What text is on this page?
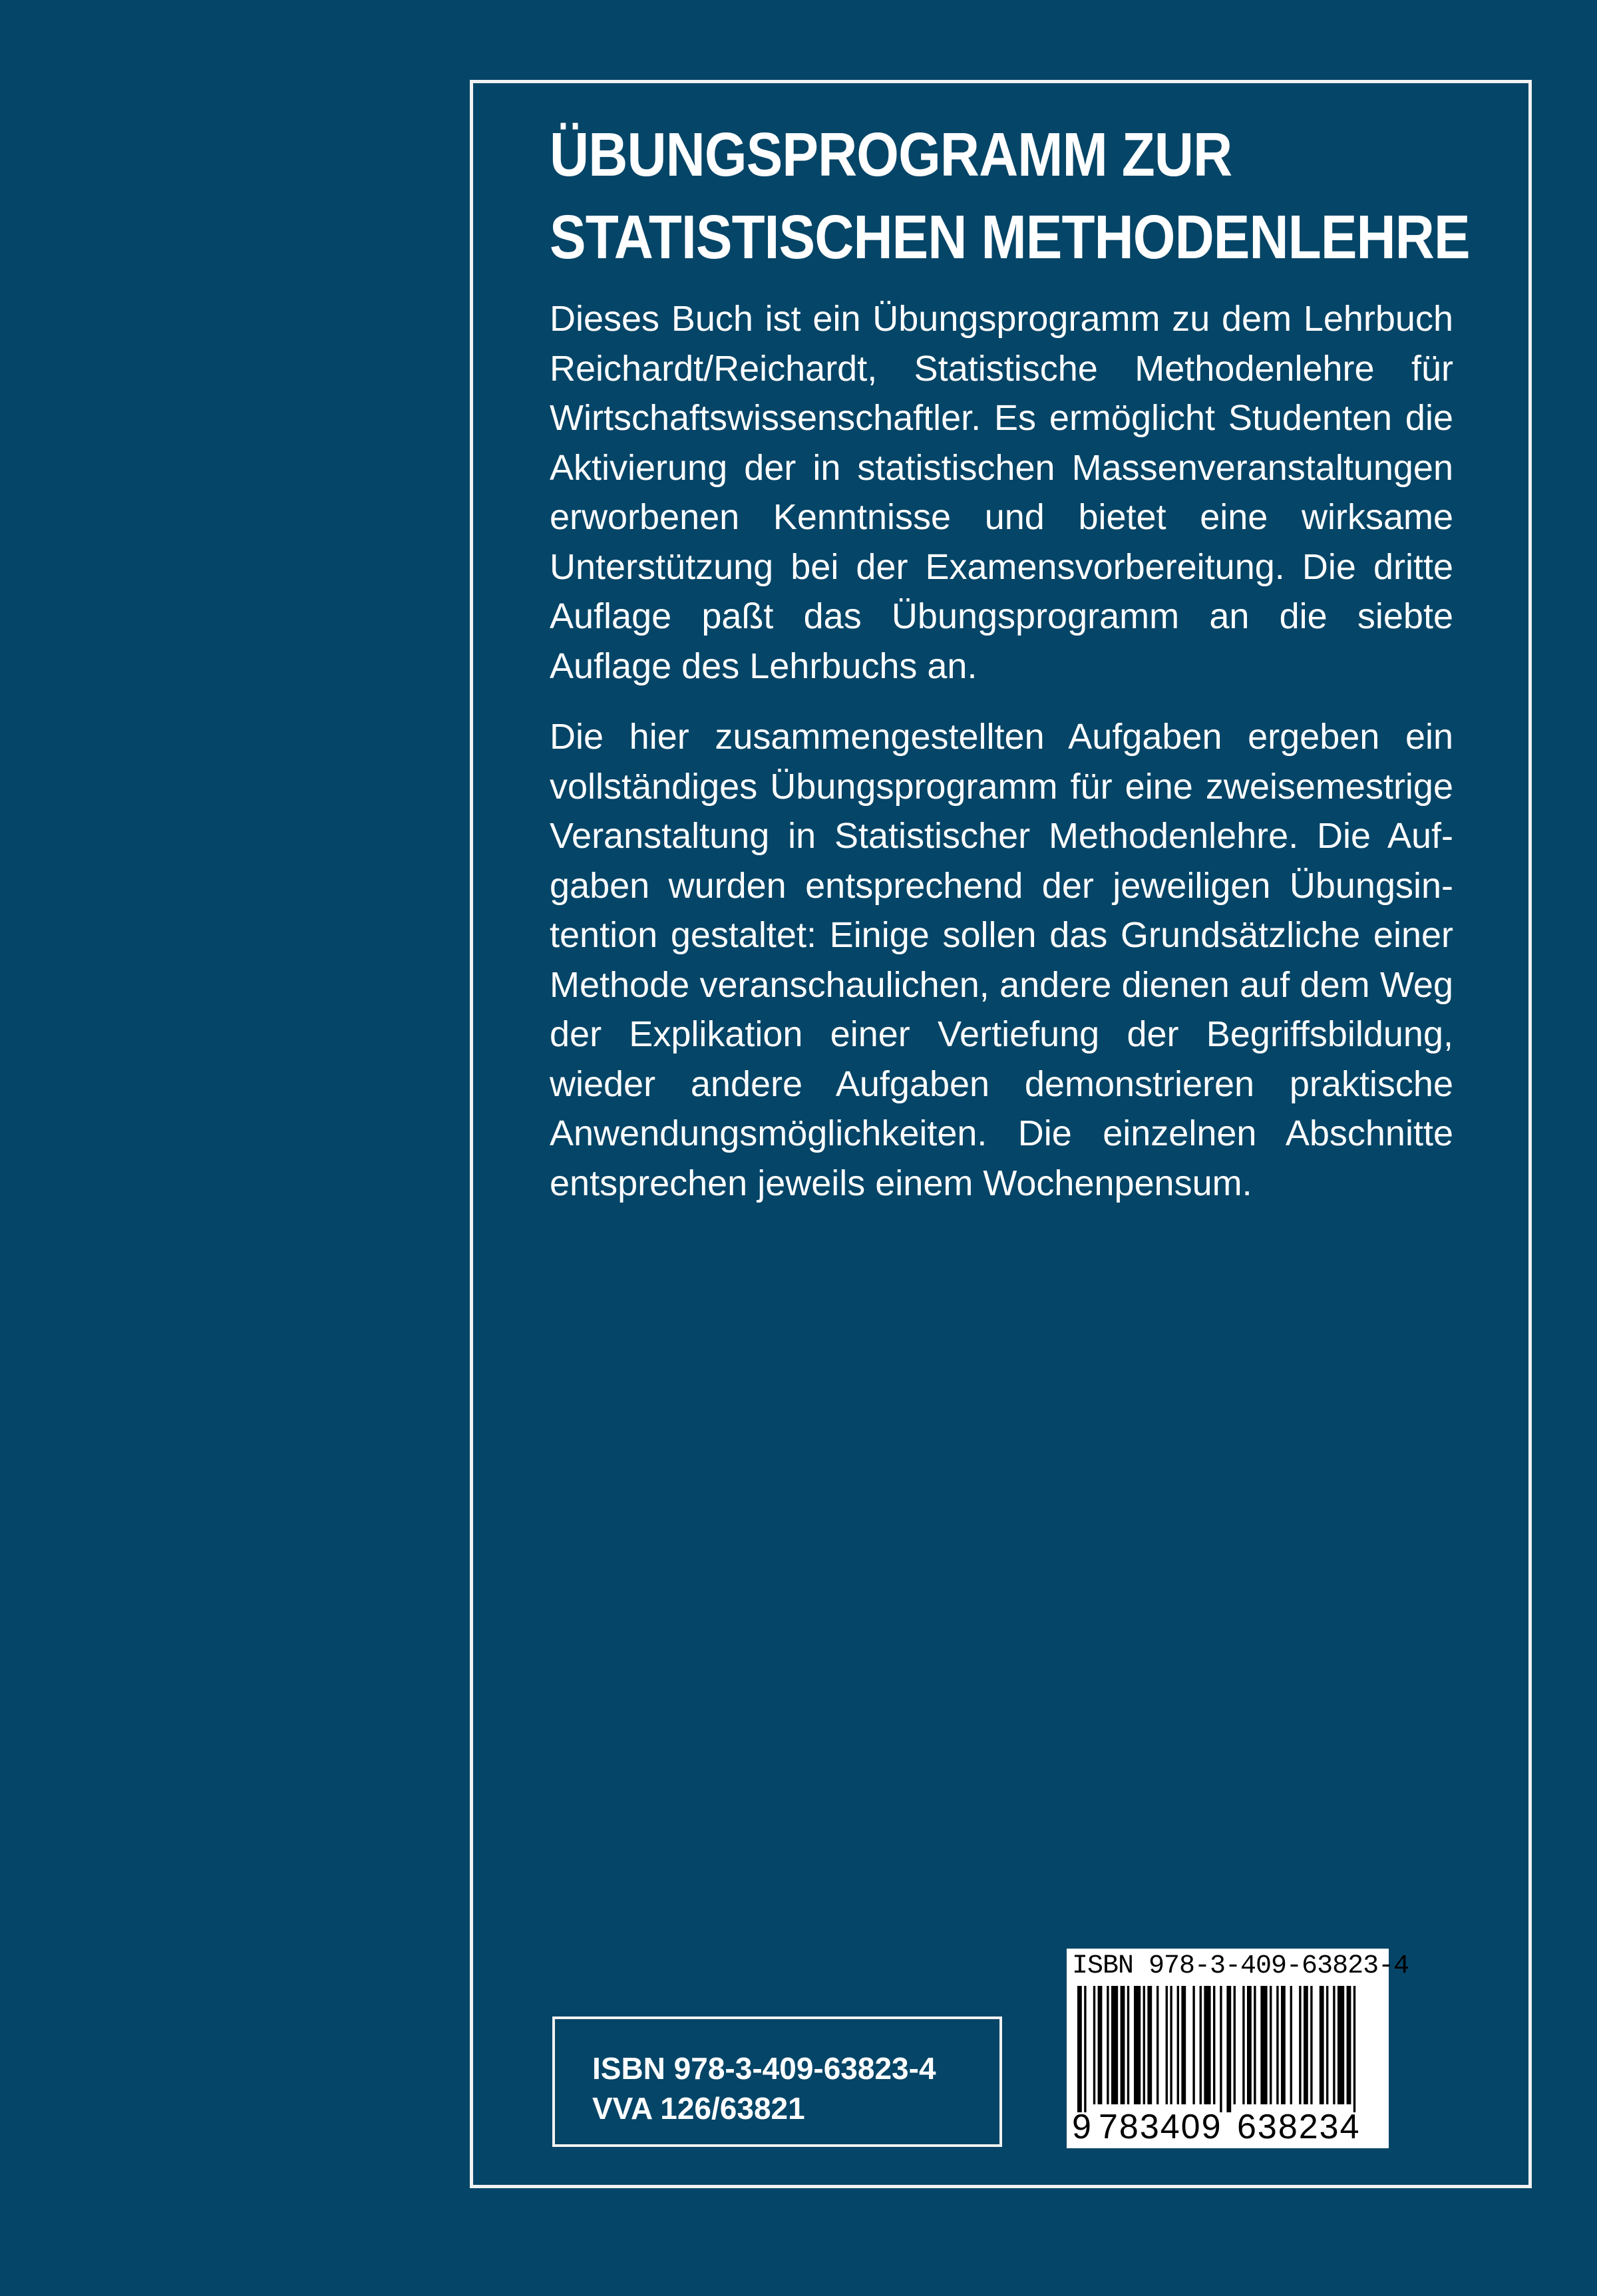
ÜBUNGSPROGRAMM ZUR
STATISTISCHEN METHODENLEHRE

Dieses Buch ist ein Übungsprogramm zu dem Lehrbuch Reichardt/Reichardt, Statistische Methodenlehre für Wirtschaftswissenschaftler. Es ermöglicht Studenten die Aktivierung der in statistischen Massenveranstaltungen erworbenen Kenntnisse und bietet eine wirksame Unterstützung bei der Examensvorbereitung. Die dritte Auflage paßt das Übungsprogramm an die siebte Auflage des Lehrbuchs an.

Die hier zusammengestellten Aufgaben ergeben ein vollständiges Übungsprogramm für eine zweisemestrige Veranstaltung in Statistischer Methodenlehre. Die Aufgaben wurden entsprechend der jeweiligen Übungsintention gestaltet: Einige sollen das Grundsätzliche einer Methode veranschaulichen, andere dienen auf dem Weg der Explikation einer Vertiefung der Begriffsbildung, wieder andere Aufgaben demonstrieren praktische Anwendungsmöglichkeiten. Die einzelnen Abschnitte entsprechen jeweils einem Wochenpensum.

ISBN 978-3-409-63823-4
VVA 126/63821
ISBN 978-3-409-63823-4
9 783409 638234
